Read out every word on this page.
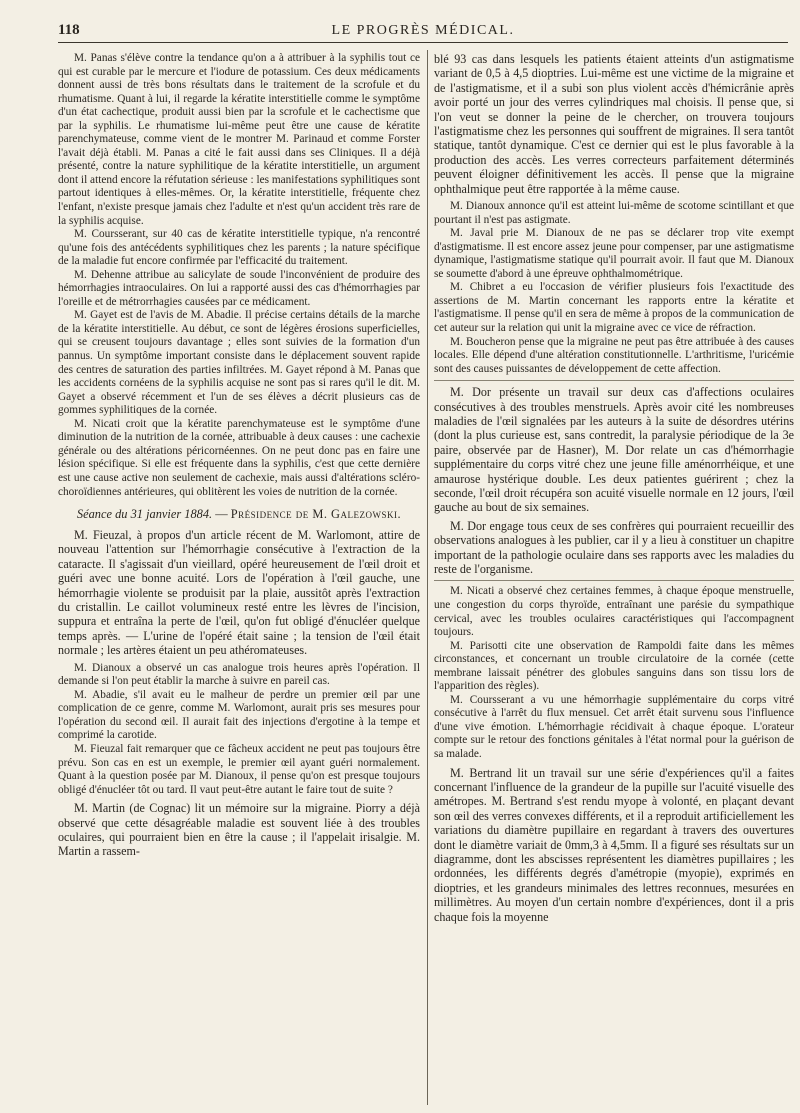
118	LE PROGRÈS MÉDICAL.

M. Panas s'élève contre la tendance qu'on a à attribuer à la syphilis tout ce qui est curable par le mercure et l'iodure de potassium. Ces deux médicaments donnent aussi de très bons résultats dans le traitement de la scrofule et du rhumatisme. Quant à lui, il regarde la kératite interstitielle comme le symptôme d'un état cachectique, produit aussi bien par la scrofule et le cachectisme que par la syphilis. Le rhumatisme lui-même peut être une cause de kératite parenchymateuse, comme vient de le montrer M. Parinaud et comme Forster l'avait déjà établi. M. Panas a cité le fait aussi dans ses Cliniques. Il a déjà présenté, contre la nature syphilitique de la kératite interstitielle, un argument dont il attend encore la réfutation sérieuse : les manifestations syphilitiques sont partout identiques à elles-mêmes. Or, la kératite interstitielle, fréquente chez l'enfant, n'existe presque jamais chez l'adulte et n'est qu'un accident très rare de la syphilis acquise.

M. Coursserant, sur 40 cas de kératite interstitielle typique, n'a rencontré qu'une fois des antécédents syphilitiques chez les parents ; la nature spécifique de la maladie fut encore confirmée par l'efficacité du traitement.

M. Dehenne attribue au salicylate de soude l'inconvénient de produire des hémorrhagies intraoculaires. On lui a rapporté aussi des cas d'hémorrhagies par l'oreille et de métrorrhagies causées par ce médicament.

M. Gayet est de l'avis de M. Abadie. Il précise certains détails de la marche de la kératite interstitielle. Au début, ce sont de légères érosions superficielles, qui se creusent toujours davantage ; elles sont suivies de la formation d'un pannus. Un symptôme important consiste dans le déplacement souvent rapide des centres de saturation des parties infiltrées. M. Gayet répond à M. Panas que les accidents cornéens de la syphilis acquise ne sont pas si rares qu'il le dit. M. Gayet a observé récemment et l'un de ses élèves a décrit plusieurs cas de gommes syphilitiques de la cornée.

M. Nicati croit que la kératite parenchymateuse est le symptôme d'une diminution de la nutrition de la cornée, attribuable à deux causes : une cachexie générale ou des altérations péricornéennes. On ne peut donc pas en faire une lésion spécifique. Si elle est fréquente dans la syphilis, c'est que cette dernière est une cause active non seulement de cachexie, mais aussi d'altérations scléro-choroïdiennes antérieures, qui oblitèrent les voies de nutrition de la cornée.

Séance du 31 janvier 1884. — Présidence de M. Galezowski.

M. Fieuzal, à propos d'un article récent de M. Warlomont, attire de nouveau l'attention sur l'hémorrhagie consécutive à l'extraction de la cataracte. Il s'agissait d'un vieillard, opéré heureusement de l'œil droit et guéri avec une bonne acuité. Lors de l'opération à l'œil gauche, une hémorrhagie violente se produisit par la plaie, aussitôt après l'extraction du cristallin. Le caillot volumineux resté entre les lèvres de l'incision, suppura et entraîna la perte de l'œil, qu'on fut obligé d'énucléer quelque temps après. — L'urine de l'opéré était saine ; la tension de l'œil était normale ; les artères étaient un peu athéromateuses.

M. Dianoux a observé un cas analogue trois heures après l'opération. Il demande si l'on peut établir la marche à suivre en pareil cas.

M. Abadie, s'il avait eu le malheur de perdre un premier œil par une complication de ce genre, comme M. Warlomont, aurait pris ses mesures pour l'opération du second œil. Il aurait fait des injections d'ergotine à la tempe et comprimé la carotide.

M. Fieuzal fait remarquer que ce fâcheux accident ne peut pas toujours être prévu. Son cas en est un exemple, le premier œil ayant guéri normalement. Quant à la question posée par M. Dianoux, il pense qu'on est presque toujours obligé d'énucléer tôt ou tard. Il vaut peut-être autant le faire tout de suite ?

M. Martin (de Cognac) lit un mémoire sur la migraine. Piorry a déjà observé que cette désagréable maladie est souvent liée à des troubles oculaires, qui pourraient bien en être la cause ; il l'appelait irisalgie. M. Martin a rassem-

blé 93 cas dans lesquels les patients étaient atteints d'un astigmatisme variant de 0,5 à 4,5 dioptries. Lui-même est une victime de la migraine et de l'astigmatisme, et il a subi son plus violent accès d'hémicrânie après avoir porté un jour des verres cylindriques mal choisis. Il pense que, si l'on veut se donner la peine de le chercher, on trouvera toujours l'astigmatisme chez les personnes qui souffrent de migraines. Il sera tantôt statique, tantôt dynamique. C'est ce dernier qui est le plus favorable à la production des accès. Les verres correcteurs parfaitement déterminés peuvent éloigner définitivement les accès. Il pense que la migraine ophthalmique peut être rapportée à la même cause.

M. Dianoux annonce qu'il est atteint lui-même de scotome scintillant et que pourtant il n'est pas astigmate.

M. Javal prie M. Dianoux de ne pas se déclarer trop vite exempt d'astigmatisme. Il est encore assez jeune pour compenser, par une astigmatisme dynamique, l'astigmatisme statique qu'il pourrait avoir. Il faut que M. Dianoux se soumette d'abord à une épreuve ophthalmométrique.

M. Chibret a eu l'occasion de vérifier plusieurs fois l'exactitude des assertions de M. Martin concernant les rapports entre la kératite et l'astigmatisme. Il pense qu'il en sera de même à propos de la communication de cet auteur sur la relation qui unit la migraine avec ce vice de réfraction.

M. Boucheron pense que la migraine ne peut pas être attribuée à des causes locales. Elle dépend d'une altération constitutionnelle. L'arthritisme, l'uricémie sont des causes puissantes de développement de cette affection.

M. Dor présente un travail sur deux cas d'affections oculaires consécutives à des troubles menstruels. Après avoir cité les nombreuses maladies de l'œil signalées par les auteurs à la suite de désordres utérins (dont la plus curieuse est, sans contredit, la paralysie périodique de la 3e paire, observée par de Hasner), M. Dor relate un cas d'hémorrhagie supplémentaire du corps vitré chez une jeune fille aménorrhéique, et une amaurose hystérique double. Les deux patientes guérirent ; chez la seconde, l'œil droit récupéra son acuité visuelle normale en 12 jours, l'œil gauche au bout de six semaines.

M. Dor engage tous ceux de ses confrères qui pourraient recueillir des observations analogues à les publier, car il y a lieu à constituer un chapitre important de la pathologie oculaire dans ses rapports avec les maladies du reste de l'organisme.

M. Nicati a observé chez certaines femmes, à chaque époque menstruelle, une congestion du corps thyroïde, entraînant une parésie du sympathique cervical, avec les troubles oculaires caractéristiques qui l'accompagnent toujours.

M. Parisotti cite une observation de Rampoldi faite dans les mêmes circonstances, et concernant un trouble circulatoire de la cornée (cette membrane laissait pénétrer des globules sanguins dans son tissu lors de l'apparition des règles).

M. Coursserant a vu une hémorrhagie supplémentaire du corps vitré consécutive à l'arrêt du flux mensuel. Cet arrêt était survenu sous l'influence d'une vive émotion. L'hémorrhagie récidivait à chaque époque. L'orateur compte sur le retour des fonctions génitales à l'état normal pour la guérison de sa malade.

M. Bertrand lit un travail sur une série d'expériences qu'il a faites concernant l'influence de la grandeur de la pupille sur l'acuité visuelle des amétropes. M. Bertrand s'est rendu myope à volonté, en plaçant devant son œil des verres convexes différents, et il a reproduit artificiellement les variations du diamètre pupillaire en regardant à travers des ouvertures dont le diamètre variait de 0mm,3 à 4,5mm. Il a figuré ses résultats sur un diagramme, dont les abscisses représentent les diamètres pupillaires ; les ordonnées, les différents degrés d'amétropie (myopie), exprimés en dioptries, et les grandeurs minimales des lettres reconnues, mesurées en millimètres. Au moyen d'un certain nombre d'expériences, dont il a pris chaque fois la moyenne
